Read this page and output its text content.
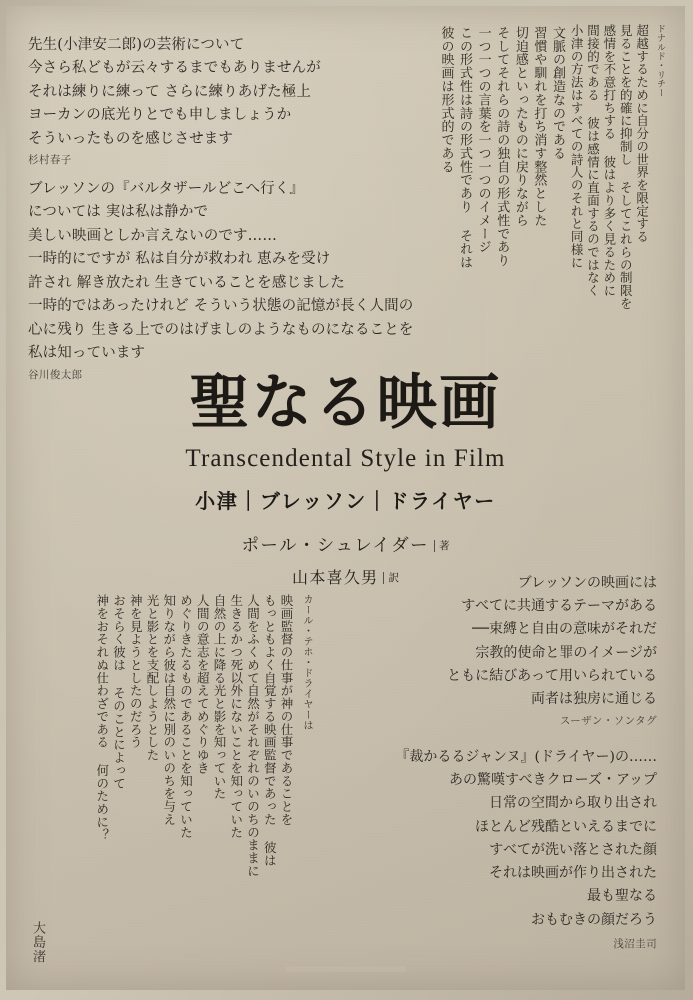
小津の方法はすべての詩人のそれと同様に 間接的である 彼は感情に直面するのではなく 感情を不意打ちする 彼はより多く見るために 見ることを的確に抑制し そしてこれらの制限を 超越するために自分の世界を限定する ドナルド・リチー
彼の映画は形式的である この形式性は詩の形式性であり それは 一つ一つの言葉を一つ一つのイメージ そしてそれらの詩の独自の形式性であり 切迫感といったものに戻りながら 習慣や馴れを打ち消す整然とした 文脈の創造なのである
先生(小津安二郎)の芸術について
今さら私どもが云々するまでもありませんが
それは練りに練って さらに練りあげた極上
ヨーカンの底光りとでも申しましょうか
そういったものを感じさせます
杉村春子
ブレッソンの『バルタザールどこへ行く』
については 実は私は静かで
美しい映画としか言えないのです……
一時的にですが 私は自分が救われ 恵みを受け
許され 解き放たれ 生きていることを感じました
一時的ではあったけれど そういう状態の記憶が長く人間の
心に残り 生きる上でのはげましのようなものになることを
私は知っています
谷川俊太郎	聖なる映画
Transcendental Style in Film
小津｜ブレッソン｜ドライヤー
ポール・シュレイダー 著
山本喜久男 訳	ブレッソンの映画には
すべてに共通するテーマがある
──束縛と自由の意味がそれだ
宗教的使命と罪のイメージが
ともに結びあって用いられている
両者は独房に通じる
スーザン・ソンタグ
『裁かるるジャンヌ』(ドライヤー)の……
あの驚嘆すべきクローズ・アップ
日常の空間から取り出され
ほとんど残酷といえるまでに
すべてが洗い落とされた顔
それは映画が作り出された
最も聖なる
おもむきの顔だろう
浅沼圭司
神をおそれぬ仕わざである 何のために？ おそらく彼は そのことによって 神を見ようとしたのだろう 光と影とを支配しようとした 知りながら彼は自然に別のいのちを与え めぐりきたるものであることを知っていた 人間の意志を超えてめぐりゆき 自然の上に降る光と影を知っていた 生きるかつ死以外にないことを知っていた 人間をふくめて自然がそれぞれのいのちのままに もっともよく自覚する映画監督であった 彼は 映画監督の仕事が神の仕事であることを カール・テホ・ドライヤーは
大島渚
